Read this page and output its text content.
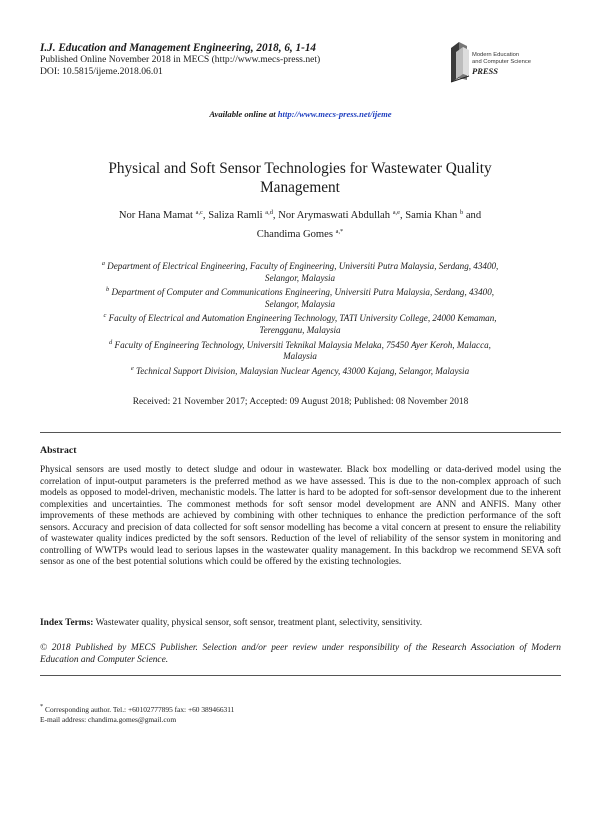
I.J. Education and Management Engineering, 2018, 6, 1-14
Published Online November 2018 in MECS (http://www.mecs-press.net)
DOI: 10.5815/ijeme.2018.06.01
Modern Education
and Computer Science
PRESS
Available online at http://www.mecs-press.net/ijeme
Physical and Soft Sensor Technologies for Wastewater Quality
Management
Nor Hana Mamat $^{a,c}$, Saliza Ramli $^{a,d}$, Nor Arymaswati Abdullah $^{a,e}$, Samia Khan $^b$ and
Chandima Gomes $^{a,*}$
$^a$ Department of Electrical Engineering, Faculty of Engineering, Universiti Putra Malaysia, Serdang, 43400,
Selangor, Malaysia
$^b$ Department of Computer and Communications Engineering, Universiti Putra Malaysia, Serdang, 43400,
Selangor, Malaysia
$^c$ Faculty of Electrical and Automation Engineering Technology, TATI University College, 24000 Kemaman,
Terengganu, Malaysia
$^d$ Faculty of Engineering Technology, Universiti Teknikal Malaysia Melaka, 75450 Ayer Keroh, Malacca,
Malaysia
$^e$ Technical Support Division, Malaysian Nuclear Agency, 43000 Kajang, Selangor, Malaysia
Received: 21 November 2017; Accepted: 09 August 2018; Published: 08 November 2018
Abstract
Physical sensors are used mostly to detect sludge and odour in wastewater. Black box modelling or data-derived model using the correlation of input-output parameters is the preferred method as we have assessed. This is due to the non-complex approach of such models as opposed to model-driven, mechanistic models. The latter is hard to be adopted for soft-sensor development due to the inherent complexities and uncertainties. The commonest methods for soft sensor model development are ANN and ANFIS. Many other improvements of these methods are achieved by combining with other techniques to enhance the prediction performance of the soft sensors. Accuracy and precision of data collected for soft sensor modelling has become a vital concern at present to ensure the reliability of wastewater quality indices predicted by the soft sensors. Reduction of the level of reliability of the sensor system in monitoring and controlling of WWTPs would lead to serious lapses in the wastewater quality management. In this backdrop we recommend SEVA soft sensor as one of the best potential solutions which could be offered by the existing technologies.
Index Terms: Wastewater quality, physical sensor, soft sensor, treatment plant, selectivity, sensitivity.
© 2018 Published by MECS Publisher. Selection and/or peer review under responsibility of the Research Association of Modern Education and Computer Science.
* Corresponding author. Tel.: +60102777895 fax: +60 389466311
E-mail address: chandima.gomes@gmail.com
